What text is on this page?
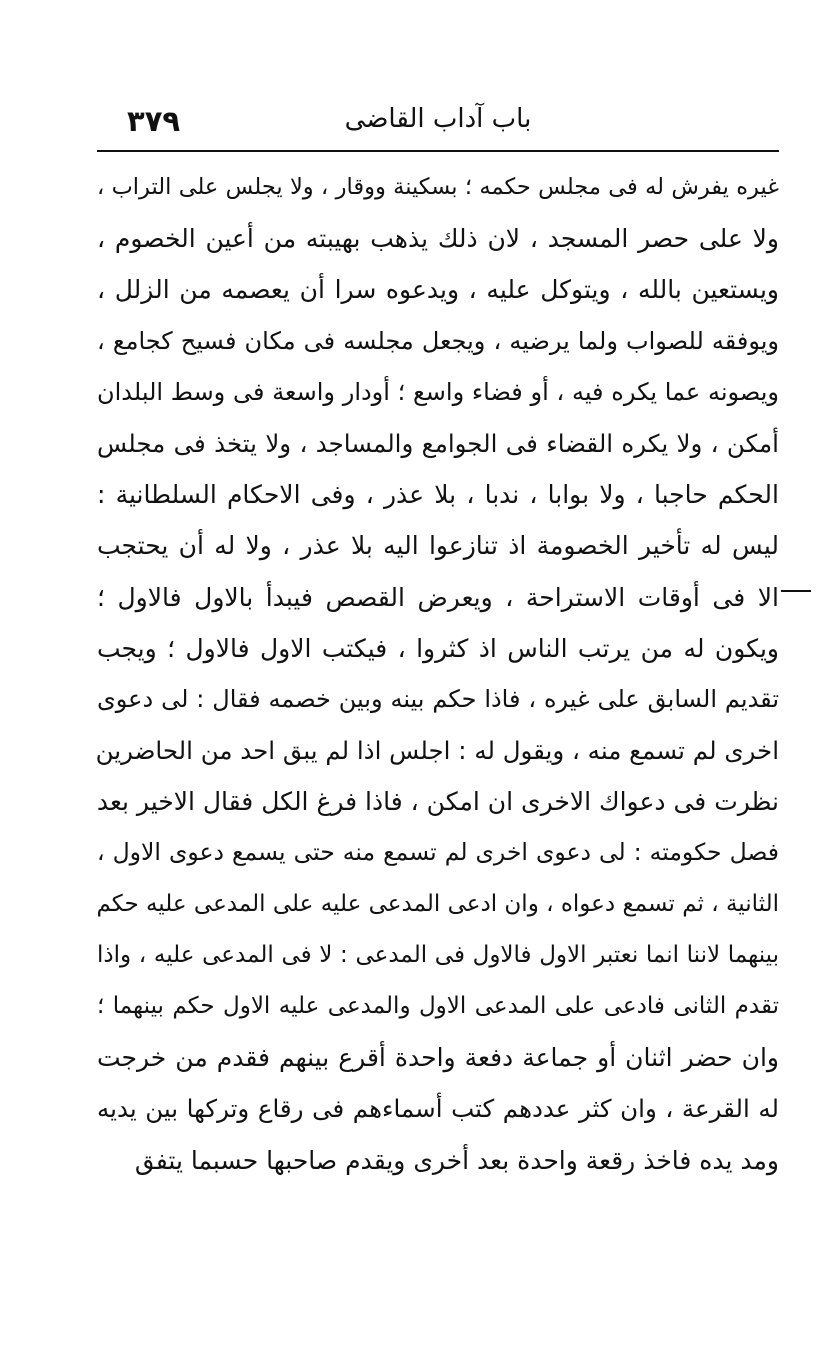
٣٧٩	باب آداب القاضى
غيره يفرش له فى مجلس حكمه ؛ بسكينة ووقار ، ولا يجلس على التراب ،
ولا على حصر المسجد ، لان ذلك يذهب بهيبته من أعين الخصوم ،
ويستعين بالله ، ويتوكل عليه ، ويدعوه سرا أن يعصمه من الزلل ،
ويوفقه للصواب ولما يرضيه ، ويجعل مجلسه فى مكان فسيح كجامع ،
ويصونه عما يكره فيه ، أو فضاء واسع ؛ أودار واسعة فى وسط البلدان
أمكن ، ولا يكره القضاء فى الجوامع والمساجد ، ولا يتخذ فى مجلس
الحكم حاجبا ، ولا بوابا ، ندبا ، بلا عذر ، وفى الاحكام السلطانية :
ليس له تأخير الخصومة اذ تنازعوا اليه بلا عذر ، ولا له أن يحتجب
الا فى أوقات الاستراحة ، ويعرض القصص فيبدأ بالاول فالاول ؛
ويكون له من يرتب الناس اذ كثروا ، فيكتب الاول فالاول ؛ ويجب
تقديم السابق على غيره ، فاذا حكم بينه وبين خصمه فقال : لى دعوى
اخرى لم تسمع منه ، ويقول له : اجلس اذا لم يبق احد من الحاضرين
نظرت فى دعواك الاخرى ان امكن ، فاذا فرغ الكل فقال الاخير بعد
فصل حكومته : لى دعوى اخرى لم تسمع منه حتى يسمع دعوى الاول ،
الثانية ، ثم تسمع دعواه ، وان ادعى المدعى عليه على المدعى عليه حكم
بينهما لاننا انما نعتبر الاول فالاول فى المدعى : لا فى المدعى عليه ، واذا
تقدم الثانى فادعى على المدعى الاول والمدعى عليه الاول حكم بينهما ؛
وان حضر اثنان أو جماعة دفعة واحدة أقرع بينهم فقدم من خرجت
له القرعة ، وان كثر عددهم كتب أسماءهم فى رقاع وتركها بين يديه
ومد يده فاخذ رقعة واحدة بعد أخرى ويقدم صاحبها حسبما يتفق
